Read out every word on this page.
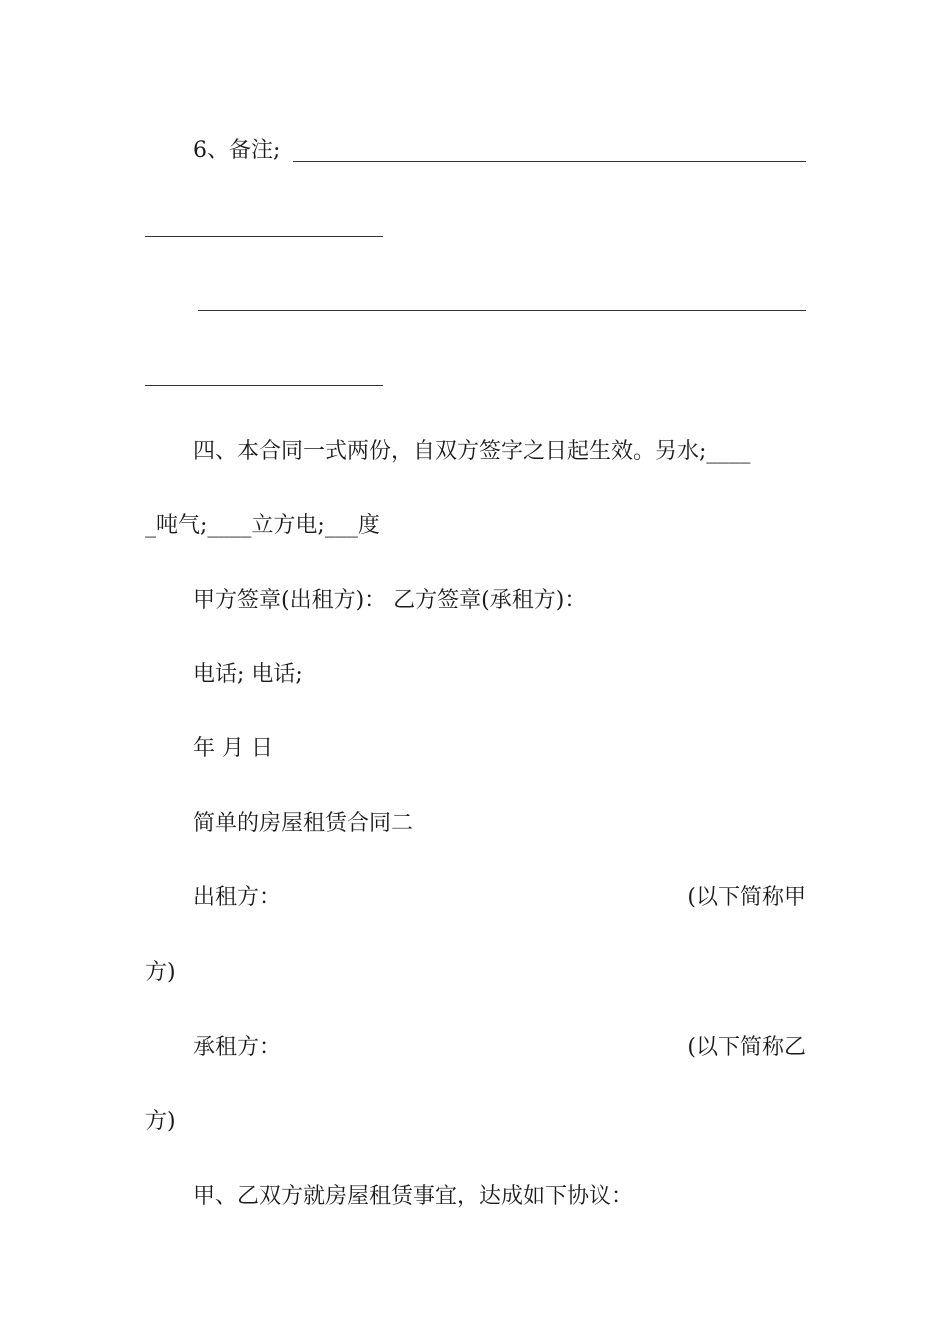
6、备注;
四、本合同一式两份，自双方签字之日起生效。另水;____
_吨气;____立方电;___度
甲方签章(出租方)： 乙方签章(承租方)：
电话; 电话;
年 月 日
简单的房屋租赁合同二
出租方：	(以下简称甲
方)
承租方：	(以下简称乙
方)
甲、乙双方就房屋租赁事宜，达成如下协议：
